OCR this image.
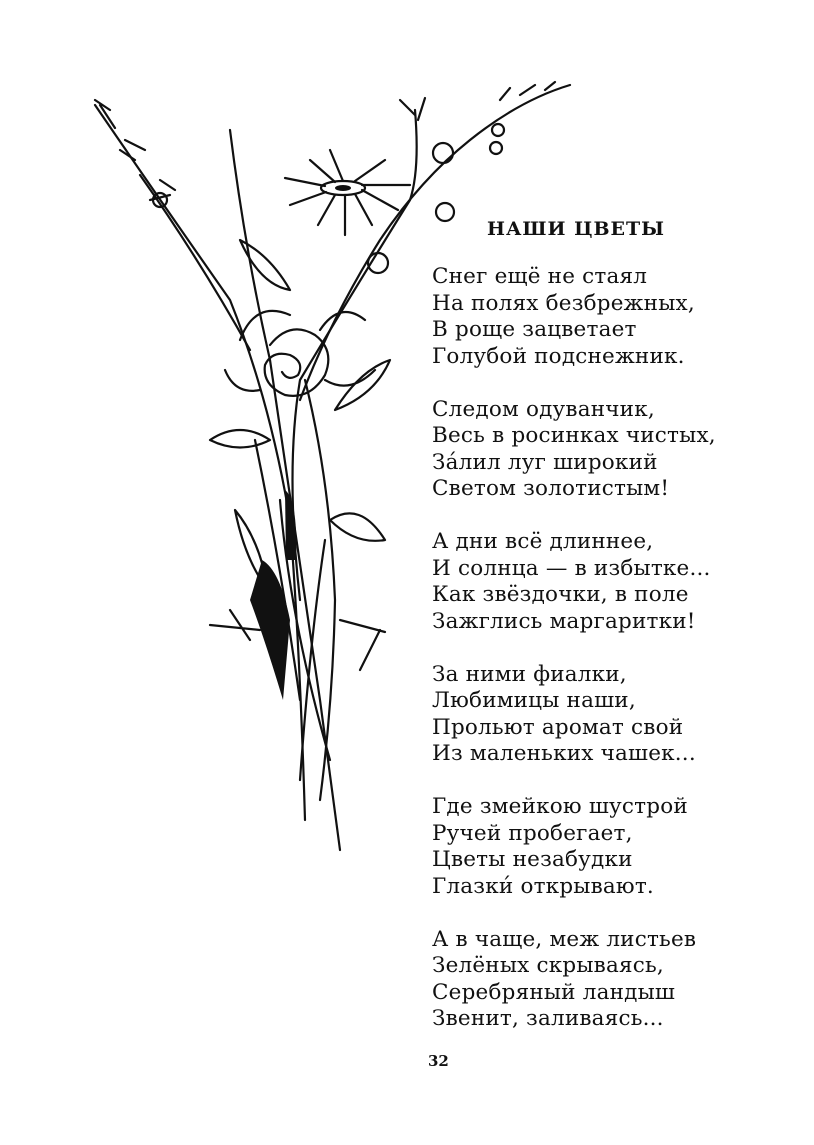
НАШИ ЦВЕТЫ
Снег ещё не стаял
На полях безбрежных,
В роще зацветает
Голубой подснежник.
Следом одуванчик,
Весь в росинках чистых,
За́лил луг широкий
Светом золотистым!
А дни всё длиннее,
И солнца — в избытке...
Как звёздочки, в поле
Зажглись маргаритки!
За ними фиалки,
Любимицы наши,
Прольют аромат свой
Из маленьких чашек...
Где змейкою шустрой
Ручей пробегает,
Цветы незабудки
Глазки́ открывают.
А в чаще, меж листьев
Зелёных скрываясь,
Серебряный ландыш
Звенит, заливаясь...
32
